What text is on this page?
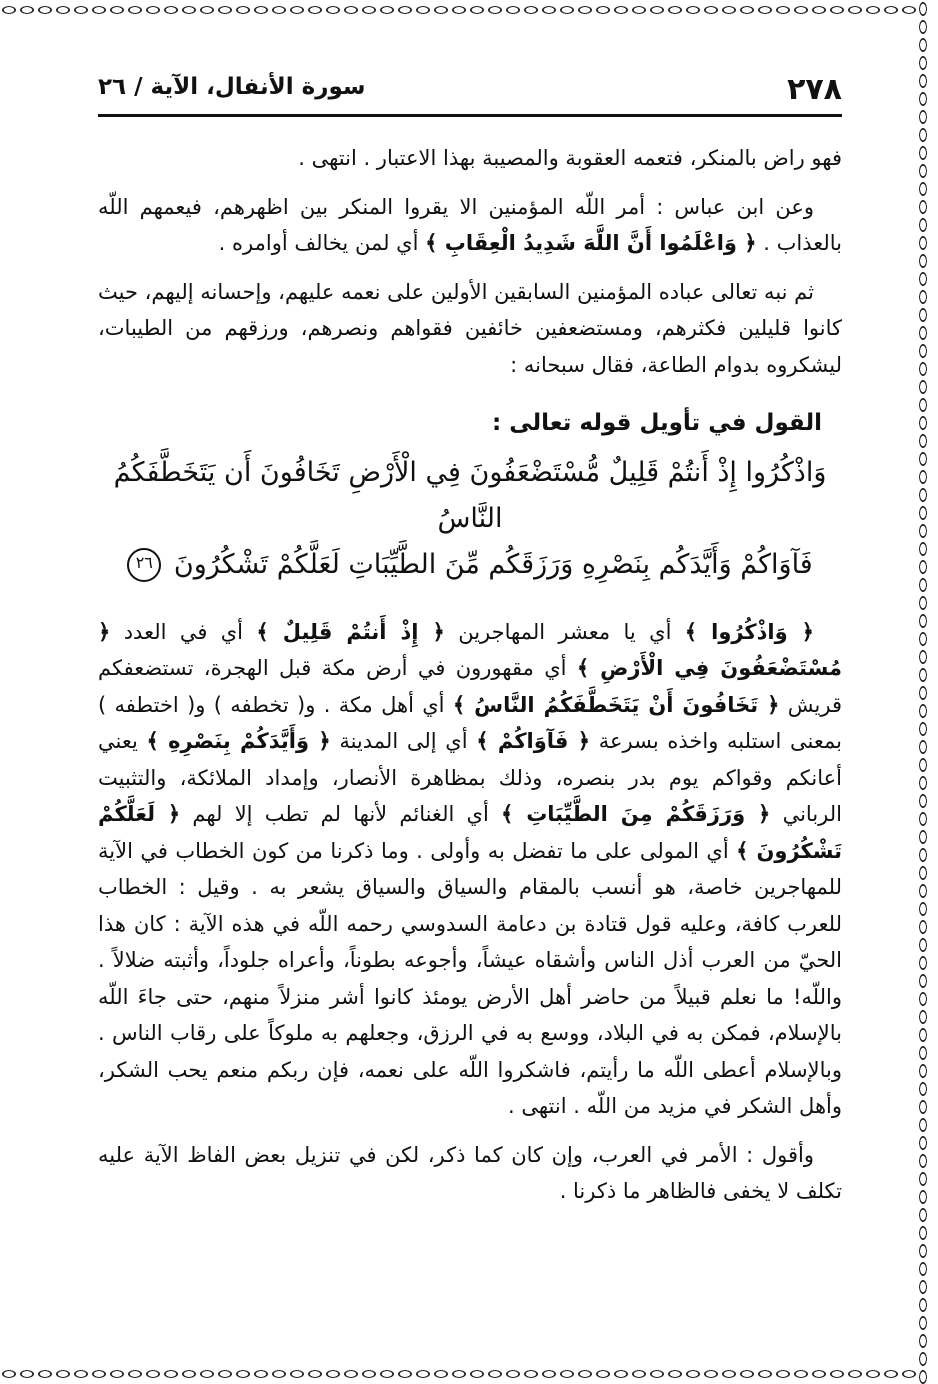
٢٧٨
سورة الأنفال، الآية / ٢٦

فهو راض بالمنكر، فتعمه العقوبة والمصيبة بهذا الاعتبار . انتهى .

وعن ابن عباس : أمر اللّه المؤمنين الا يقروا المنكر بين اظهرهم، فيعمهم اللّه بالعذاب . ﴿ وَاعْلَمُوا أَنَّ اللَّهَ شَدِيدُ الْعِقَابِ ﴾ أي لمن يخالف أوامره .

ثم نبه تعالى عباده المؤمنين السابقين الأولين على نعمه عليهم، وإحسانه إليهم، حيث كانوا قليلين فكثرهم، ومستضعفين خائفين فقواهم ونصرهم، ورزقهم من الطيبات، ليشكروه بدوام الطاعة، فقال سبحانه :

القول في تأويل قوله تعالى :
وَاذْكُرُوا إِذْ أَنتُمْ قَلِيلٌ مُّسْتَضْعَفُونَ فِي الْأَرْضِ تَخَافُونَ أَن يَتَخَطَّفَكُمُ النَّاسُ
فَآوَاكُمْ وَأَيَّدَكُم بِنَصْرِهِ وَرَزَقَكُم مِّنَ الطَّيِّبَاتِ لَعَلَّكُمْ تَشْكُرُونَ ٢٦

﴿ وَاذْكُرُوا ﴾ أي يا معشر المهاجرين ﴿ إِذْ أَنتُمْ قَلِيلٌ ﴾ أي في العدد ﴿ مُسْتَضْعَفُونَ فِي الْأَرْضِ ﴾ أي مقهورون في أرض مكة قبل الهجرة، تستضعفكم قريش ﴿ تَخَافُونَ أَنْ يَتَخَطَّفَكُمُ النَّاسُ ﴾ أي أهل مكة . و( تخطفه ) و( اختطفه ) بمعنى استلبه واخذه بسرعة ﴿ فَآوَاكُمْ ﴾ أي إلى المدينة ﴿ وَأَيَّدَكُمْ بِنَصْرِهِ ﴾ يعني أعانكم وقواكم يوم بدر بنصره، وذلك بمظاهرة الأنصار، وإمداد الملائكة، والتثبيت الرباني ﴿ وَرَزَقَكُمْ مِنَ الطَّيِّبَاتِ ﴾ أي الغنائم لأنها لم تطب إلا لهم ﴿ لَعَلَّكُمْ تَشْكُرُونَ ﴾ أي المولى على ما تفضل به وأولى . وما ذكرنا من كون الخطاب في الآية للمهاجرين خاصة، هو أنسب بالمقام والسياق والسياق يشعر به . وقيل : الخطاب للعرب كافة، وعليه قول قتادة بن دعامة السدوسي رحمه اللّه في هذه الآية : كان هذا الحيّ من العرب أذل الناس وأشقاه عيشاً، وأجوعه بطوناً، وأعراه جلوداً، وأثبته ضلالاً . واللّه! ما نعلم قبيلاً من حاضر أهل الأرض يومئذ كانوا أشر منزلاً منهم، حتى جاءَ اللّه بالإسلام، فمكن به في البلاد، ووسع به في الرزق، وجعلهم به ملوكاً على رقاب الناس . وبالإسلام أعطى اللّه ما رأيتم، فاشكروا اللّه على نعمه، فإن ربكم منعم يحب الشكر، وأهل الشكر في مزيد من اللّه . انتهى .

وأقول : الأمر في العرب، وإن كان كما ذكر، لكن في تنزيل بعض الفاظ الآية عليه تكلف لا يخفى فالظاهر ما ذكرنا .
